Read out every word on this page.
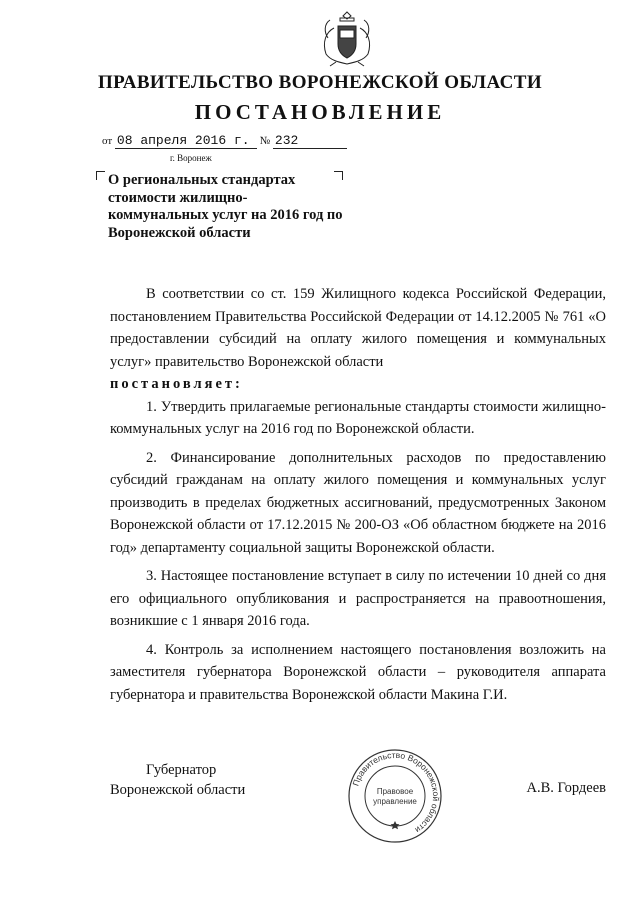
ПРАВИТЕЛЬСТВО ВОРОНЕЖСКОЙ ОБЛАСТИ
ПОСТАНОВЛЕНИЕ
от 08 апреля 2016 г. № 232
г. Воронеж
О региональных стандартах стоимости жилищно-коммунальных услуг на 2016 год по Воронежской области

В соответствии со ст. 159 Жилищного кодекса Российской Федерации, постановлением Правительства Российской Федерации от 14.12.2005 № 761 «О предоставлении субсидий на оплату жилого помещения и коммунальных услуг» правительство Воронежской области

постановляет:

1. Утвердить прилагаемые региональные стандарты стоимости жилищно-коммунальных услуг на 2016 год по Воронежской области.

2. Финансирование дополнительных расходов по предоставлению субсидий гражданам на оплату жилого помещения и коммунальных услуг производить в пределах бюджетных ассигнований, предусмотренных Законом Воронежской области от 17.12.2015 № 200-ОЗ «Об областном бюджете на 2016 год» департаменту социальной защиты Воронежской области.

3. Настоящее постановление вступает в силу по истечении 10 дней со дня его официального опубликования и распространяется на правоотношения, возникшие с 1 января 2016 года.

4. Контроль за исполнением настоящего постановления возложить на заместителя губернатора Воронежской области – руководителя аппарата губернатора и правительства Воронежской области Макина Г.И.

Губернатор
Воронежской области	Правительство Воронежской области
Правовое
управление
А.В. Гордеев
